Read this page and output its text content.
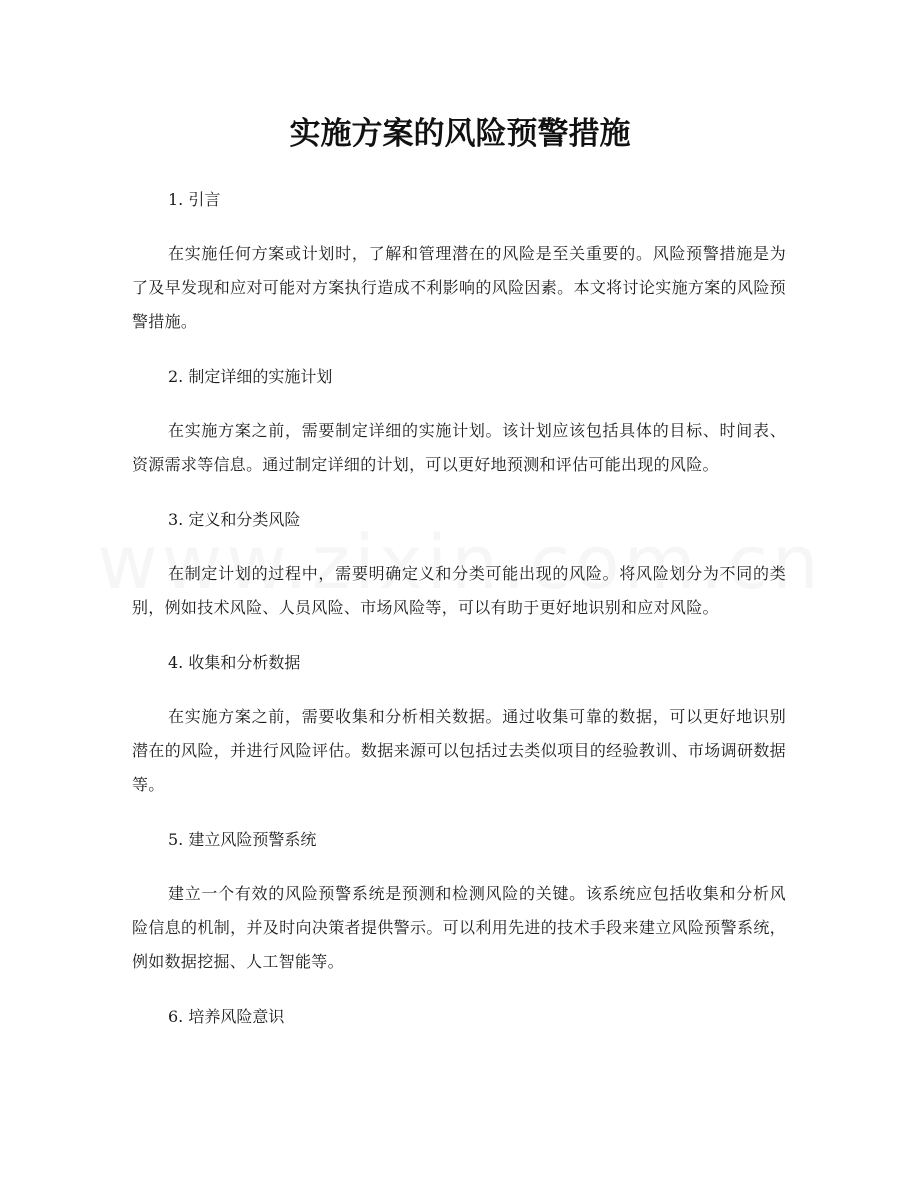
实施方案的风险预警措施

1. 引言

在实施任何方案或计划时，了解和管理潜在的风险是至关重要的。风险预警措施是为了及早发现和应对可能对方案执行造成不利影响的风险因素。本文将讨论实施方案的风险预警措施。

2. 制定详细的实施计划

在实施方案之前，需要制定详细的实施计划。该计划应该包括具体的目标、时间表、资源需求等信息。通过制定详细的计划，可以更好地预测和评估可能出现的风险。

3. 定义和分类风险

在制定计划的过程中，需要明确定义和分类可能出现的风险。将风险划分为不同的类别，例如技术风险、人员风险、市场风险等，可以有助于更好地识别和应对风险。

4. 收集和分析数据

在实施方案之前，需要收集和分析相关数据。通过收集可靠的数据，可以更好地识别潜在的风险，并进行风险评估。数据来源可以包括过去类似项目的经验教训、市场调研数据等。

5. 建立风险预警系统

建立一个有效的风险预警系统是预测和检测风险的关键。该系统应包括收集和分析风险信息的机制，并及时向决策者提供警示。可以利用先进的技术手段来建立风险预警系统，例如数据挖掘、人工智能等。

6. 培养风险意识
